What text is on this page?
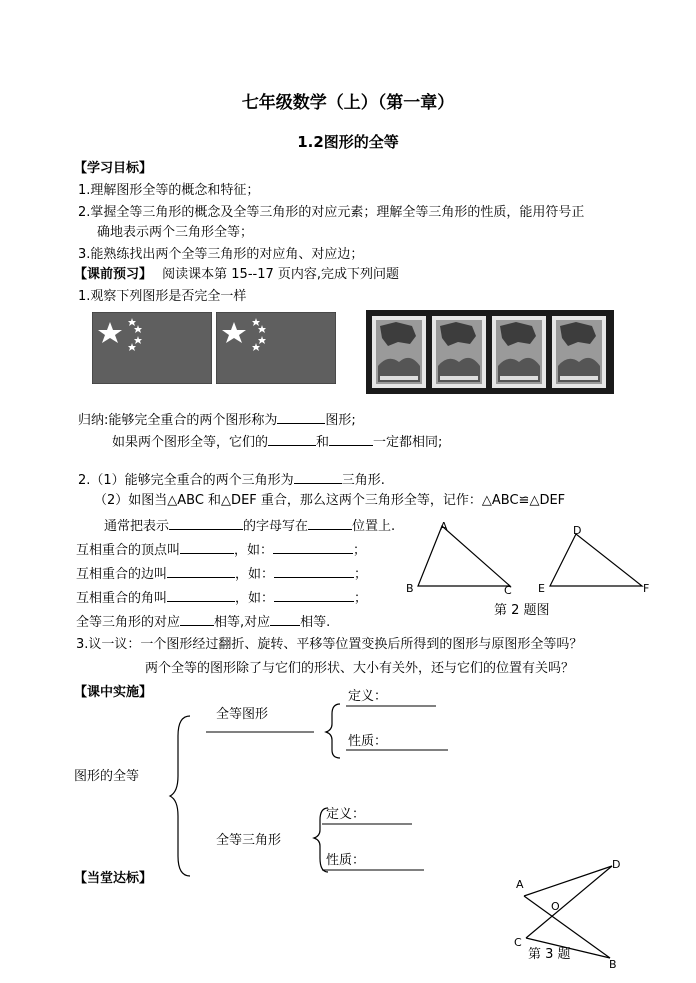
七年级数学（上）（第一章）
1.2图形的全等
【学习目标】
1.理解图形全等的概念和特征；
2.掌握全等三角形的概念及全等三角形的对应元素；理解全等三角形的性质，能用符号正
确地表示两个三角形全等；
3.能熟练找出两个全等三角形的对应角、对应边；
【课前预习】 阅读课本第 15--17 页内容,完成下列问题
1.观察下列图形是否完全一样
归纳:能够完全重合的两个图形称为	图形;
如果两个图形全等，它们的	和	一定都相同;
2.（1）能够完全重合的两个三角形为	三角形.
（2）如图当△ABC 和△DEF 重合，那么这两个三角形全等，记作：△ABC≌△DEF
通常把表示	的字母写在	位置上.
互相重合的顶点叫	，如：	；
互相重合的边叫	，如：	；
互相重合的角叫	，如：	；
全等三角形的对应	相等,对应 相等.
A
B	C
D
E	F
第 2 题图
3.议一议：一个图形经过翻折、旋转、平移等位置变换后所得到的图形与原图形全等吗？
两个全等的图形除了与它们的形状、大小有关外，还与它们的位置有关吗？
【课中实施】
全等图形
定义：
性质：
图形的全等
全等三角形
定义：
性质：
【当堂达标】	A
D
O
C
B
第 3 题
